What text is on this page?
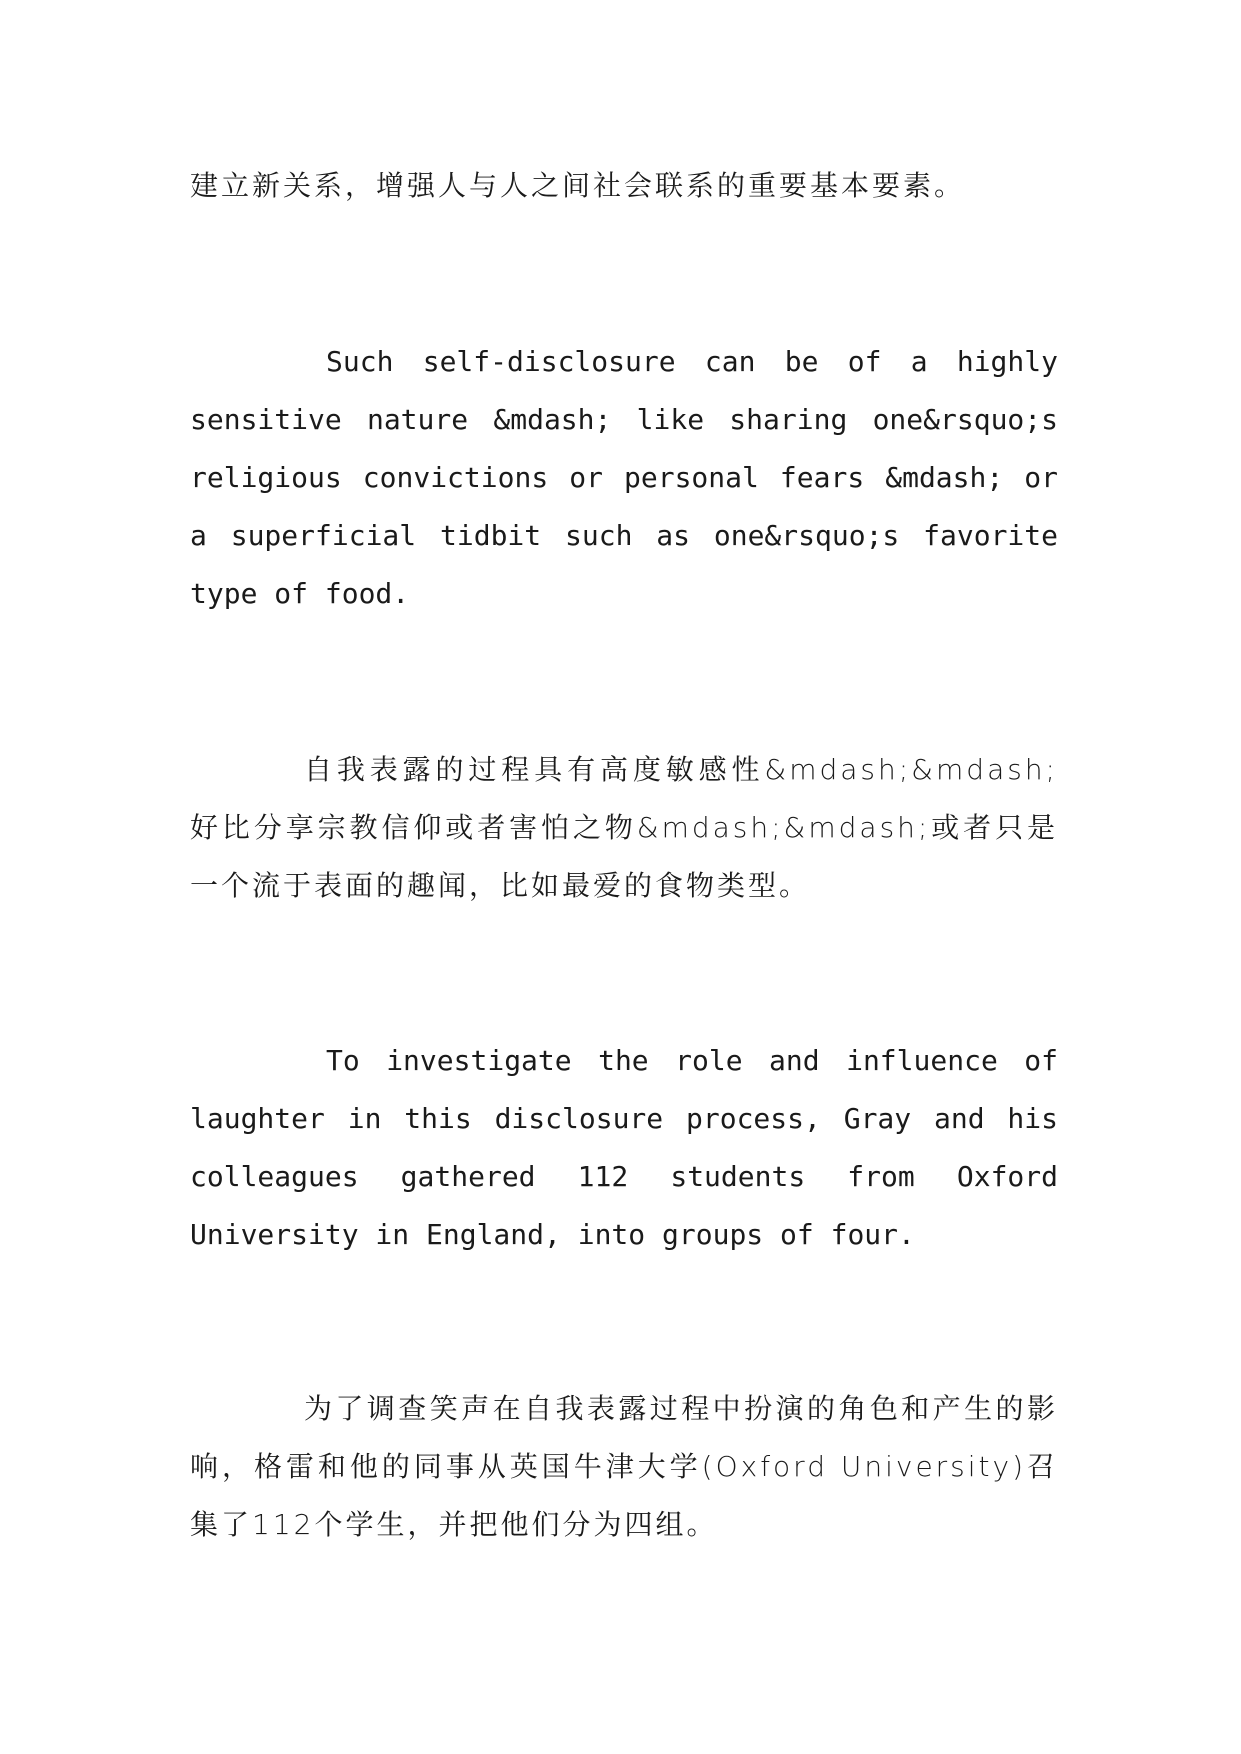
建立新关系，增强人与人之间社会联系的重要基本要素。

Such self-disclosure can be of a highly sensitive nature &mdash; like sharing one&rsquo;s religious convictions or personal fears &mdash; or a superficial tidbit such as one&rsquo;s favorite type of food.

自我表露的过程具有高度敏感性&mdash;&mdash;好比分享宗教信仰或者害怕之物&mdash;&mdash;或者只是一个流于表面的趣闻，比如最爱的食物类型。

To investigate the role and influence of laughter in this disclosure process, Gray and his colleagues gathered 112 students from Oxford University in England, into groups of four.

为了调查笑声在自我表露过程中扮演的角色和产生的影响，格雷和他的同事从英国牛津大学(Oxford University)召集了112个学生，并把他们分为四组。
